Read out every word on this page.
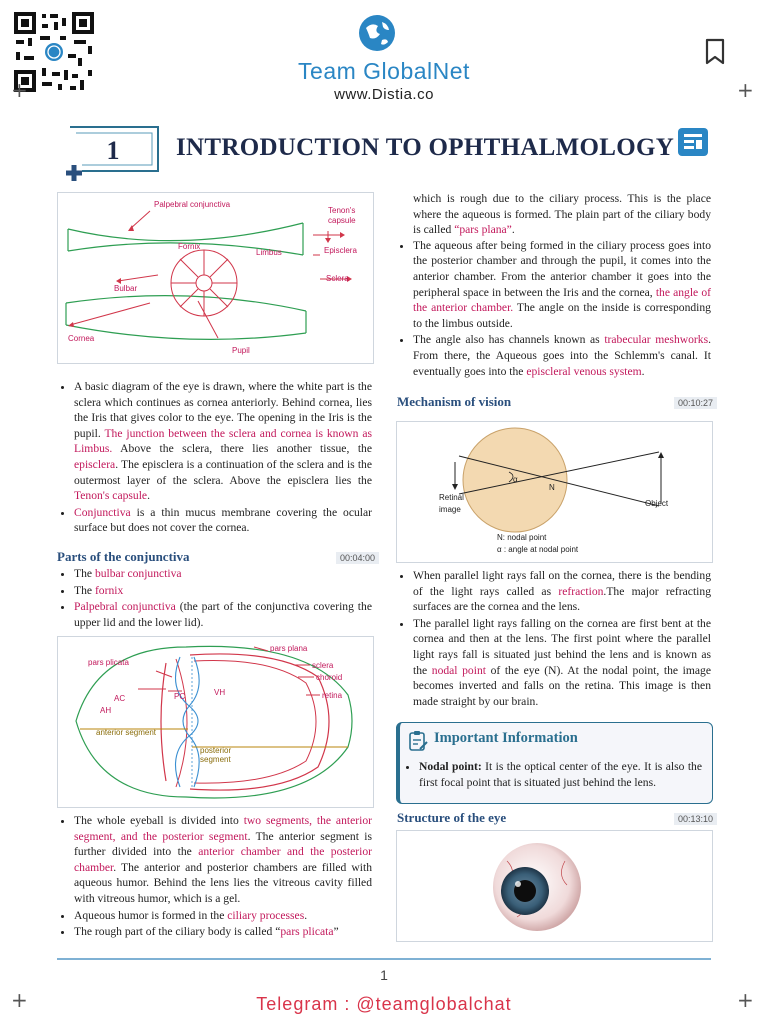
Team GlobalNet
www.Distia.co
+	+
+	+
1	INTRODUCTION TO OPHTHALMOLOGY
Palpebral conjunctiva
Tenon's
capsule
Fornix
Limbus	Episclera
Sclera
Bulbar
Cornea
Pupil
• A basic diagram of the eye is drawn, where the white part is the sclera which continues as cornea anteriorly. Behind cornea, lies the Iris that gives color to the eye. The opening in the Iris is the pupil. The junction between the sclera and cornea is known as Limbus. Above the sclera, there lies another tissue, the episclera. The episclera is a continuation of the sclera and is the outermost layer of the sclera. Above the episclera lies the Tenon's capsule.
• Conjunctiva is a thin mucus membrane covering the ocular surface but does not cover the cornea.
Parts of the conjunctiva	00:04:00
• The bulbar conjunctiva
• The fornix
• Palpebral conjunctiva (the part of the conjunctiva covering the upper lid and the lower lid).
pars plana
pars plicata	sclera
choroid
retina
AC	PC	VH
AH
anterior segment
posterior
segment
• The whole eyeball is divided into two segments, the anterior segment, and the posterior segment. The anterior segment is further divided into the anterior chamber and the posterior chamber. The anterior and posterior chambers are filled with aqueous humor. Behind the lens lies the vitreous cavity filled with vitreous humor, which is a gel.
• Aqueous humor is formed in the ciliary processes.
• The rough part of the ciliary body is called “pars plicata”
which is rough due to the ciliary process. This is the place where the aqueous is formed. The plain part of the ciliary body is called “pars plana”.
• The aqueous after being formed in the ciliary process goes into the posterior chamber and through the pupil, it comes into the anterior chamber. From the anterior chamber it goes into the peripheral space in between the Iris and the cornea, the angle of the anterior chamber. The angle on the inside is corresponding to the limbus outside.
• The angle also has channels known as trabecular meshworks. From there, the Aqueous goes into the Schlemm's canal. It eventually goes into the episcleral venous system.
Mechanism of vision	00:10:27
α
N
Retinal
image
Object
N: nodal point
α : angle at nodal point
• When parallel light rays fall on the cornea, there is the bending of the light rays called as refraction.The major refracting surfaces are the cornea and the lens.
• The parallel light rays falling on the cornea are first bent at the cornea and then at the lens. The first point where the parallel light rays fall is situated just behind the lens and is known as the nodal point of the eye (N). At the nodal point, the image becomes inverted and falls on the retina. This image is then made straight by our brain.
Important Information
• Nodal point: It is the optical center of the eye. It is also the first focal point that is situated just behind the lens.
Structure of the eye	00:13:10
1
Telegram : @teamglobalchat
